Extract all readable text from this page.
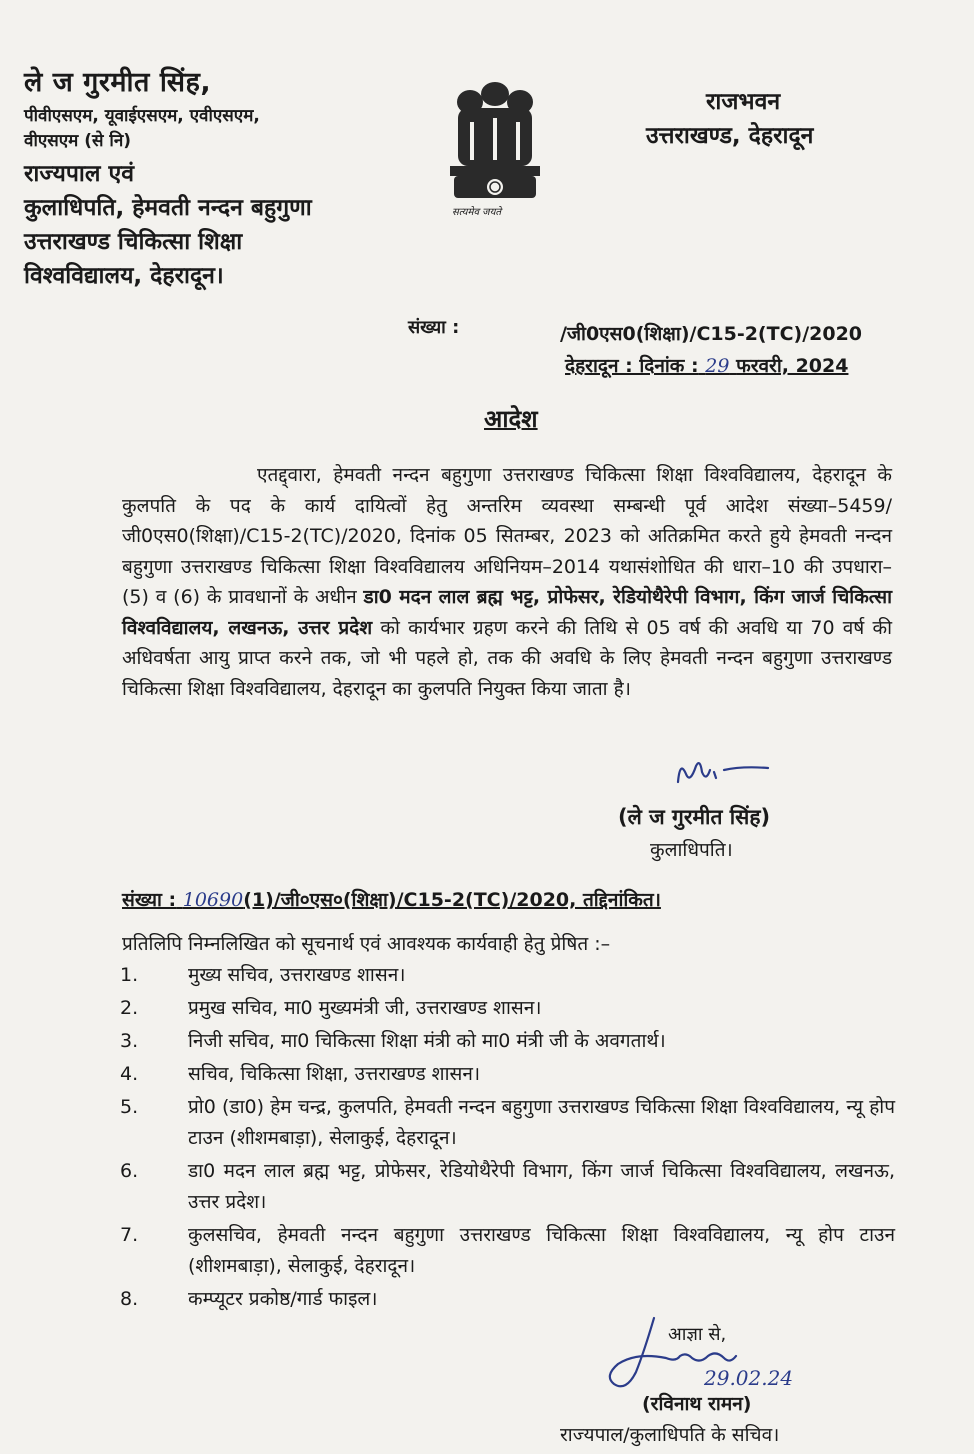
ले ज गुरमीत सिंह,
पीवीएसएम, यूवाईएसएम, एवीएसएम,
वीएसएम (से नि)
राज्यपाल एवं
कुलाधिपति, हेमवती नन्दन बहुगुणा
उत्तराखण्ड चिकित्सा शिक्षा
विश्वविद्यालय, देहरादून।
सत्यमेव जयते
राजभवन
उत्तराखण्ड, देहरादून
संख्या :	/जी0एस0(शिक्षा)/C15-2(TC)/2020
देहरादून : दिनांक : 29 फरवरी, 2024
आदेश
एतद्द्वारा, हेमवती नन्दन बहुगुणा उत्तराखण्ड चिकित्सा शिक्षा विश्वविद्यालय, देहरादून के कुलपति के पद के कार्य दायित्वों हेतु अन्तरिम व्यवस्था सम्बन्धी पूर्व आदेश संख्या–5459/जी0एस0(शिक्षा)/C15-2(TC)/2020, दिनांक 05 सितम्बर, 2023 को अतिक्रमित करते हुये हेमवती नन्दन बहुगुणा उत्तराखण्ड चिकित्सा शिक्षा विश्वविद्यालय अधिनियम–2014 यथासंशोधित की धारा–10 की उपधारा–(5) व (6) के प्रावधानों के अधीन डा0 मदन लाल ब्रह्म भट्ट, प्रोफेसर, रेडियोथैरेपी विभाग, किंग जार्ज चिकित्सा विश्वविद्यालय, लखनऊ, उत्तर प्रदेश को कार्यभार ग्रहण करने की तिथि से 05 वर्ष की अवधि या 70 वर्ष की अधिवर्षता आयु प्राप्त करने तक, जो भी पहले हो, तक की अवधि के लिए हेमवती नन्दन बहुगुणा उत्तराखण्ड चिकित्सा शिक्षा विश्वविद्यालय, देहरादून का कुलपति नियुक्त किया जाता है।
(ले ज गुरमीत सिंह)
कुलाधिपति।
संख्या : 10690(1)/जी०एस०(शिक्षा)/C15-2(TC)/2020, तद्दिनांकित।
प्रतिलिपि निम्नलिखित को सूचनार्थ एवं आवश्यक कार्यवाही हेतु प्रेषित :–
1.	मुख्य सचिव, उत्तराखण्ड शासन।
2.	प्रमुख सचिव, मा0 मुख्यमंत्री जी, उत्तराखण्ड शासन।
3.	निजी सचिव, मा0 चिकित्सा शिक्षा मंत्री को मा0 मंत्री जी के अवगतार्थ।
4.	सचिव, चिकित्सा शिक्षा, उत्तराखण्ड शासन।
5.	प्रो0 (डा0) हेम चन्द्र, कुलपति, हेमवती नन्दन बहुगुणा उत्तराखण्ड चिकित्सा शिक्षा विश्वविद्यालय, न्यू होप टाउन (शीशमबाड़ा), सेलाकुई, देहरादून।
6.	डा0 मदन लाल ब्रह्म भट्ट, प्रोफेसर, रेडियोथैरेपी विभाग, किंग जार्ज चिकित्सा विश्वविद्यालय, लखनऊ, उत्तर प्रदेश।
7.	कुलसचिव, हेमवती नन्दन बहुगुणा उत्तराखण्ड चिकित्सा शिक्षा विश्वविद्यालय, न्यू होप टाउन (शीशमबाड़ा), सेलाकुई, देहरादून।
8.	कम्प्यूटर प्रकोष्ठ/गार्ड फाइल।
29.02.24
आज्ञा से,
(रविनाथ रामन)
राज्यपाल/कुलाधिपति के सचिव।
